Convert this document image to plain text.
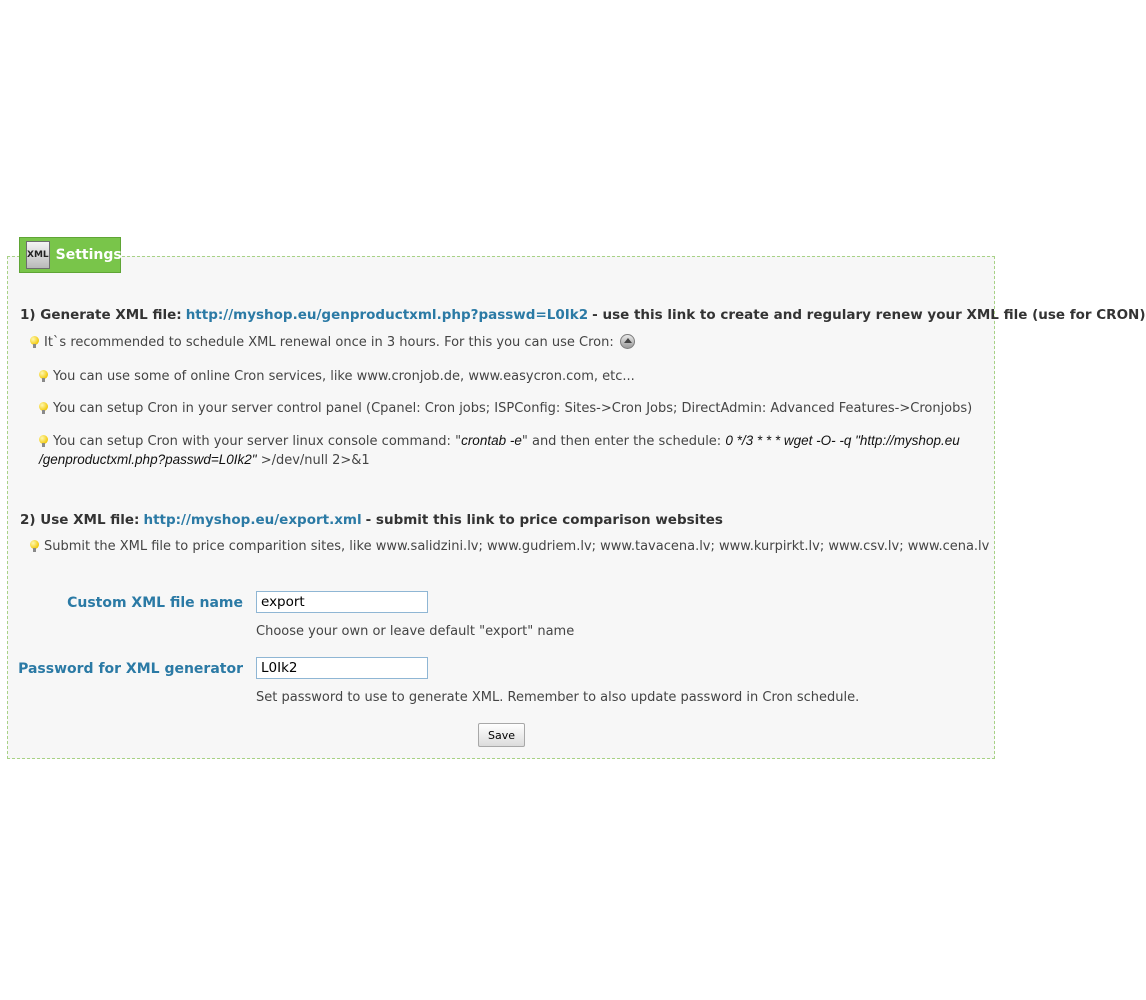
1) Generate XML file: http://myshop.eu/genproductxml.php?passwd=L0Ik2 - use this link to create and regulary renew your XML file (use for CRON)
It`s recommended to schedule XML renewal once in 3 hours. For this you can use Cron:
You can use some of online Cron services, like www.cronjob.de, www.easycron.com, etc...
You can setup Cron in your server control panel (Cpanel: Cron jobs; ISPConfig: Sites->Cron Jobs; DirectAdmin: Advanced Features->Cronjobs)
You can setup Cron with your server linux console command: "crontab -e" and then enter the schedule: 0 */3 * * * wget -O- -q "http://myshop.eu
/genproductxml.php?passwd=L0Ik2" >/dev/null 2>&1
2) Use XML file: http://myshop.eu/export.xml - submit this link to price comparison websites
Submit the XML file to price comparition sites, like www.salidzini.lv; www.gudriem.lv; www.tavacena.lv; www.kurpirkt.lv; www.csv.lv; www.cena.lv
Custom XML file name
export
Choose your own or leave default "export" name
Password for XML generator
L0Ik2
Set password to use to generate XML. Remember to also update password in Cron schedule.
Save
XML Settings
